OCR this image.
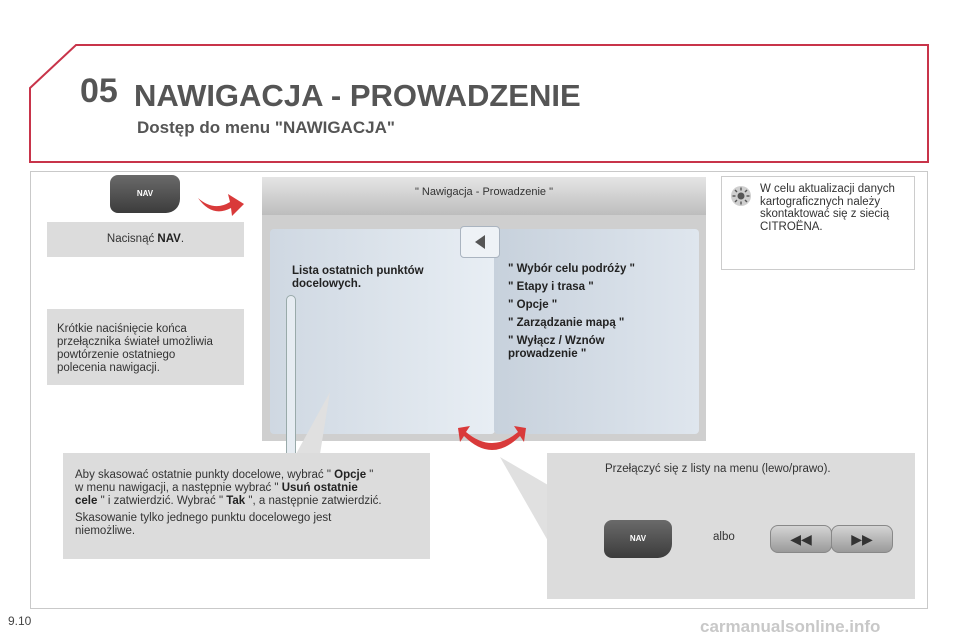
05 NAWIGACJA - PROWADZENIE
Dostęp do menu "NAWIGACJA"
NAV
Nacisnąć NAV.
Krótkie naciśnięcie końca
przełącznika świateł umożliwia
powtórzenie ostatniego
polecenia nawigacji.
W celu aktualizacji danych
kartograficznych należy
skontaktować się z siecią
CITROËNA.
" Nawigacja - Prowadzenie "
Lista ostatnich punktów
docelowych.
" Wybór celu podróży "
" Etapy i trasa "
" Opcje "
" Zarządzanie mapą "
" Wyłącz / Wznów
prowadzenie "
Aby skasować ostatnie punkty docelowe, wybrać " Opcje "
w menu nawigacji, a następnie wybrać " Usuń ostatnie
cele " i zatwierdzić. Wybrać " Tak ", a następnie zatwierdzić.
Skasowanie tylko jednego punktu docelowego jest
niemożliwe.
Przełączyć się z listy na menu (lewo/prawo).
NAV	albo	◀◀	▶▶
9.10	carmanualsonline.info
